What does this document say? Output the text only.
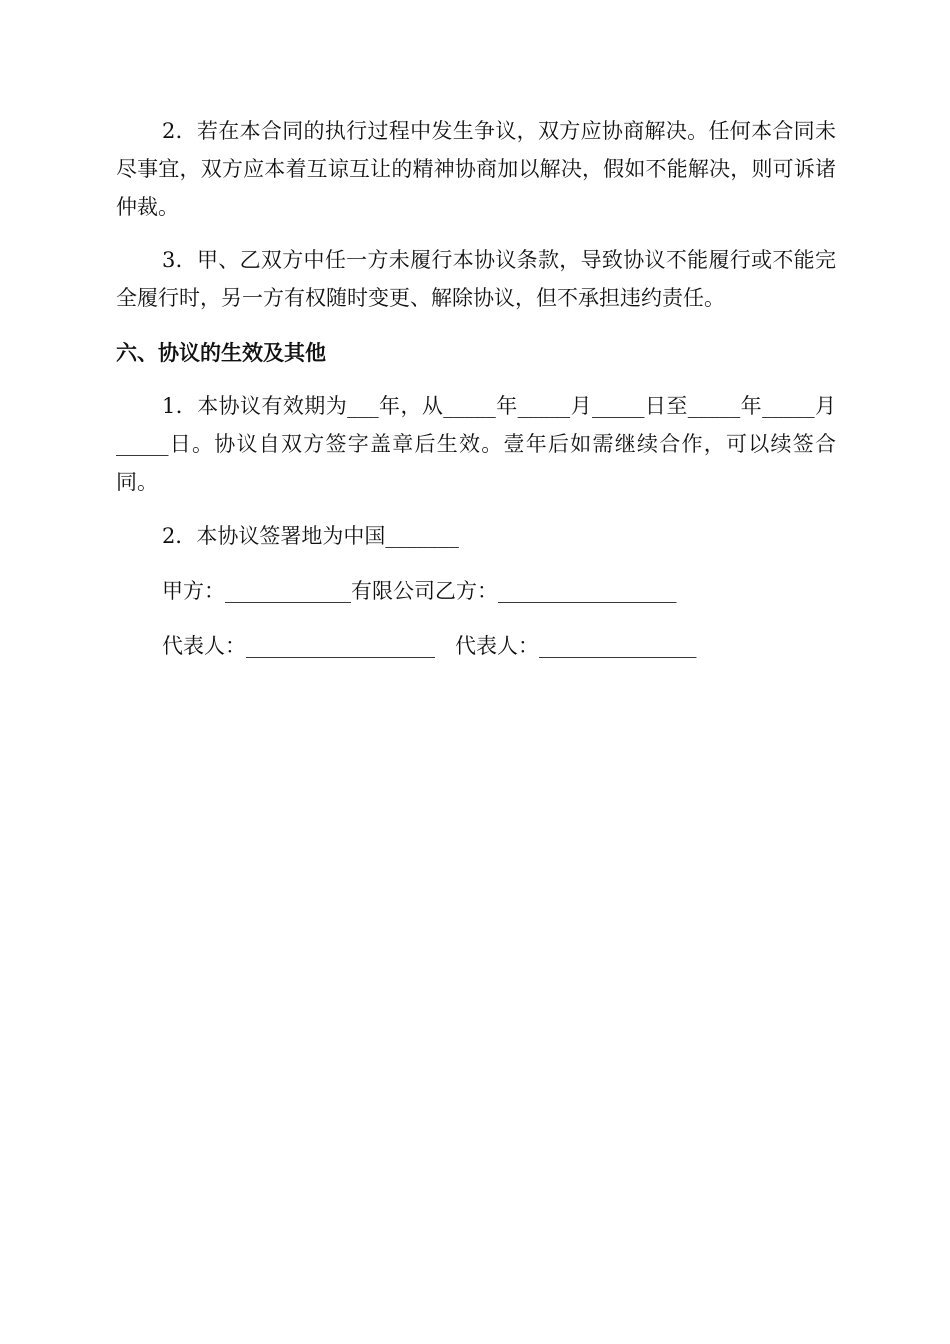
2．若在本合同的执行过程中发生争议，双方应协商解决。任何本合同未尽事宜，双方应本着互谅互让的精神协商加以解决，假如不能解决，则可诉诸仲裁。

3．甲、乙双方中任一方未履行本协议条款，导致协议不能履行或不能完全履行时，另一方有权随时变更、解除协议，但不承担违约责任。

六、协议的生效及其他

1．本协议有效期为___年，从_____年_____月_____日至_____年_____月_____日。协议自双方签字盖章后生效。壹年后如需继续合作，可以续签合同。

2．本协议签署地为中国_______

甲方：____________有限公司乙方：_________________

代表人：__________________   代表人：_______________
